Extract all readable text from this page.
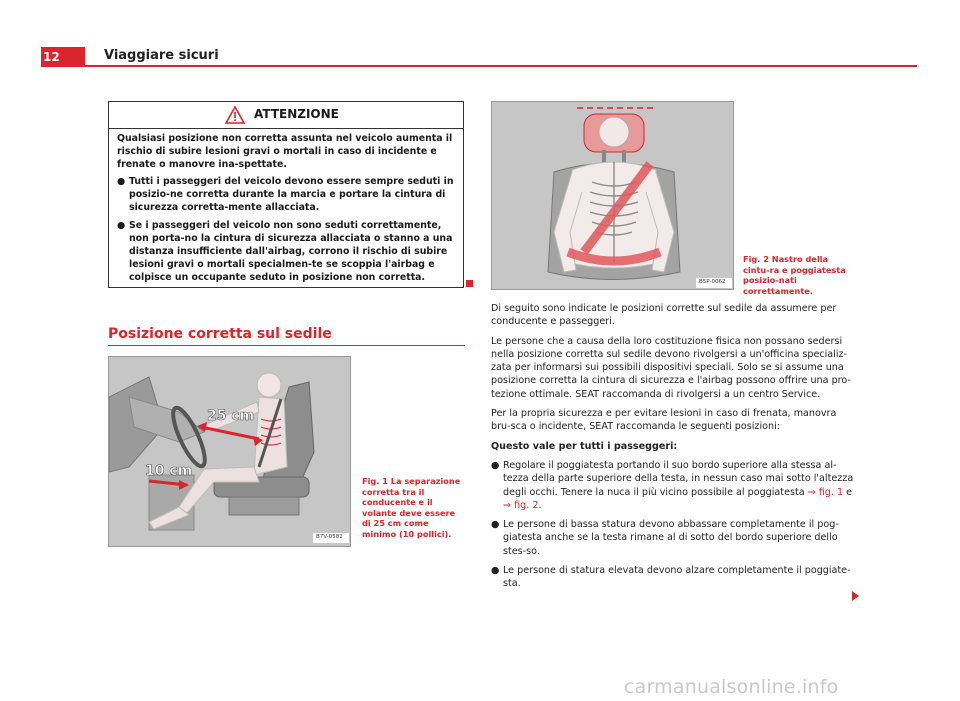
12	Viaggiare sicuri
ATTENZIONE

Qualsiasi posizione non corretta assunta nel veicolo aumenta il rischio di subire lesioni gravi o mortali in caso di incidente e frenate o manovre ina-spettate.

● Tutti i passeggeri del veicolo devono essere sempre seduti in posizio-ne corretta durante la marcia e portare la cintura di sicurezza corretta-mente allacciata.

● Se i passeggeri del veicolo non sono seduti correttamente, non porta-no la cintura di sicurezza allacciata o stanno a una distanza insufficiente dall'airbag, corrono il rischio di subire lesioni gravi o mortali specialmen-te se scoppia l'airbag e colpisce un occupante seduto in posizione non corretta.

Posizione corretta sul sedile
25 cm
10 cm
B7V-0582
Fig. 1 La separazione corretta tra il conducente e il volante deve essere di 25 cm come minimo (10 pollici).
B5P-0062
Fig. 2 Nastro della cintu-ra e poggiatesta posizio-nati correttamente.

Di seguito sono indicate le posizioni corrette sul sedile da assumere per conducente e passeggeri.

Le persone che a causa della loro costituzione fisica non possano sedersi nella posizione corretta sul sedile devono rivolgersi a un'officina specializ-zata per informarsi sui possibili dispositivi speciali. Solo se si assume una posizione corretta la cintura di sicurezza e l'airbag possono offrire una pro-tezione ottimale. SEAT raccomanda di rivolgersi a un centro Service.

Per la propria sicurezza e per evitare lesioni in caso di frenata, manovra bru-sca o incidente, SEAT raccomanda le seguenti posizioni:

Questo vale per tutti i passeggeri:

● Regolare il poggiatesta portando il suo bordo superiore alla stessa al-tezza della parte superiore della testa, in nessun caso mai sotto l'altezza degli occhi. Tenere la nuca il più vicino possibile al poggiatesta ⇒ fig. 1 e ⇒ fig. 2.

● Le persone di bassa statura devono abbassare completamente il pog-giatesta anche se la testa rimane al di sotto del bordo superiore dello stes-so.

● Le persone di statura elevata devono alzare completamente il poggiate-sta.

carmanualsonline.info
